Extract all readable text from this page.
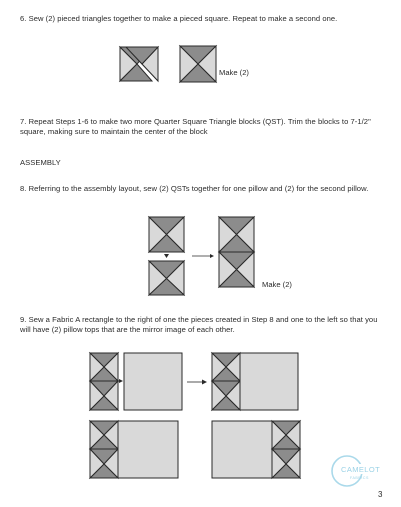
6. Sew (2) pieced triangles together to make a pieced square. Repeat to make a second one.
Make (2)
7. Repeat Steps 1-6 to make two more Quarter Square Triangle blocks (QST). Trim the blocks to 7-1/2" square, making sure to maintain the center of the block
ASSEMBLY
8. Referring to the assembly layout, sew (2) QSTs together for one pillow and (2) for the second pillow.
Make (2)
9. Sew a Fabric A rectangle to the right of one the pieces created in Step 8 and one to the left so that you will have (2) pillow tops that are the mirror image of each other.
CAMELOT
FABRICS
3
